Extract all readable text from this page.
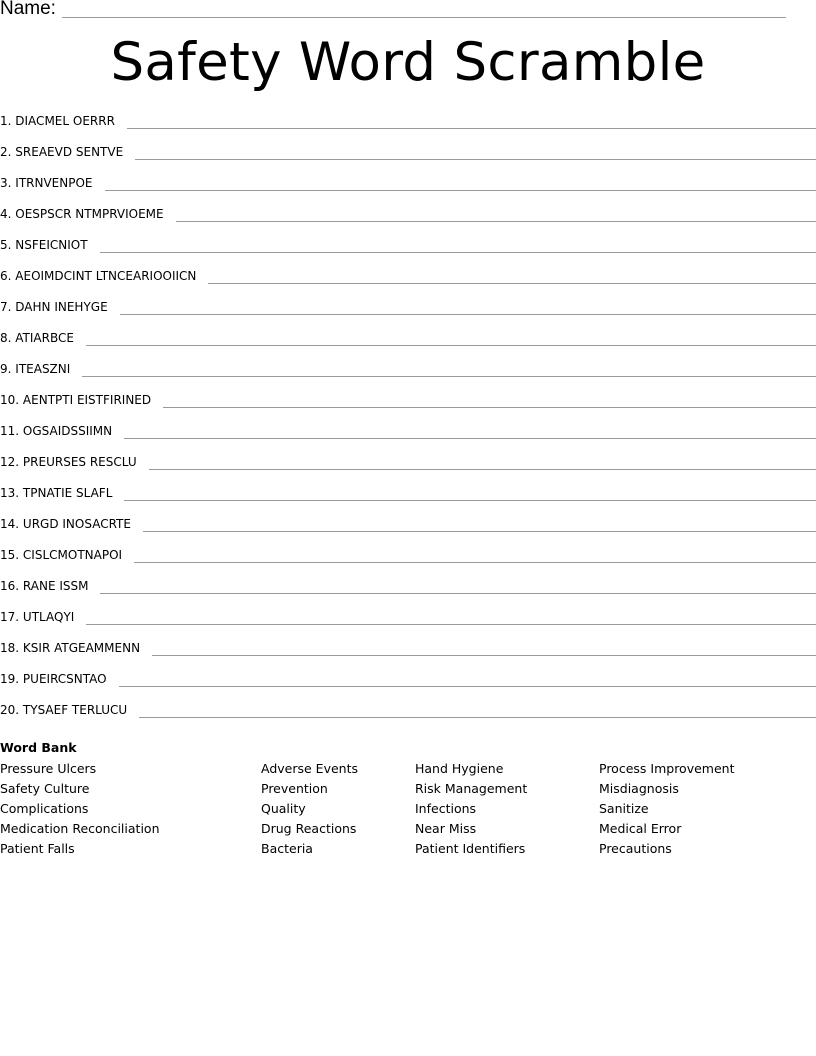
Name:
Safety Word Scramble
1. DIACMEL OERRR
2. SREAEVD SENTVE
3. ITRNVENPOE
4. OESPSCR NTMPRVIOEME
5. NSFEICNIOT
6. AEOIMDCINT LTNCEARIOOIICN
7. DAHN INEHYGE
8. ATIARBCE
9. ITEASZNI
10. AENTPTI EISTFIRINED
11. OGSAIDSSIIMN
12. PREURSES RESCLU
13. TPNATIE SLAFL
14. URGD INOSACRTE
15. CISLCMOTNAPOI
16. RANE ISSM
17. UTLAQYI
18. KSIR ATGEAMMENN
19. PUEIRCSNTAO
20. TYSAEF TERLUCU
Word Bank
Pressure Ulcers
Safety Culture
Complications
Medication Reconciliation
Patient Falls
Adverse Events
Prevention
Quality
Drug Reactions
Bacteria
Hand Hygiene
Risk Management
Infections
Near Miss
Patient Identifiers
Process Improvement
Misdiagnosis
Sanitize
Medical Error
Precautions
